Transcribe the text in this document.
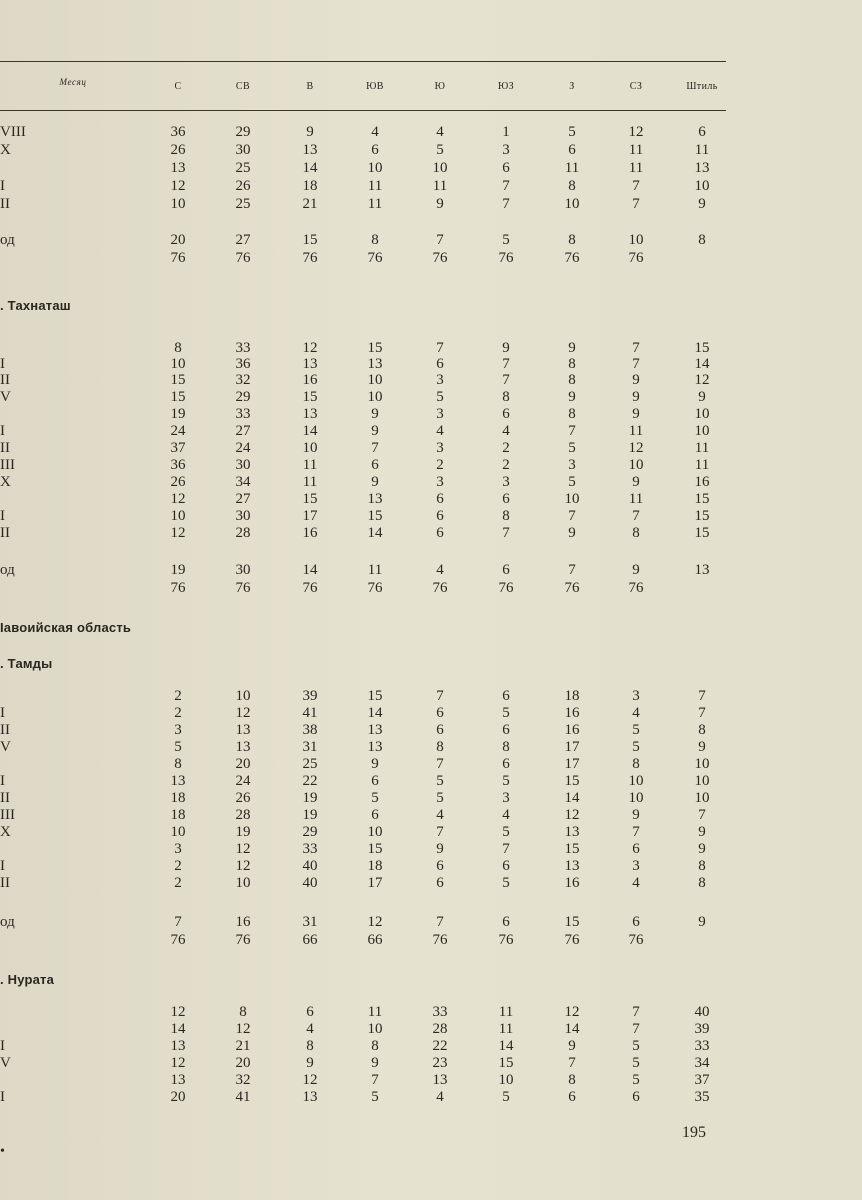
Месяц	С	СВ	В	ЮВ	Ю	ЮЗ	З	СЗ	Штиль
VIII	36	29	9	4	4	1	5	12	6
X	26	30	13	6	5	3	6	11	11
13	25	14	10	10	6	11	11	13
I	12	26	18	11	11	7	8	7	10
II	10	25	21	11	9	7	10	7	9
од	20	27	15	8	7	5	8	10	8
76	76	76	76	76	76	76	76
. Тахнаташ
8	33	12	15	7	9	9	7	15
I	10	36	13	13	6	7	8	7	14
II	15	32	16	10	3	7	8	9	12
V	15	29	15	10	5	8	9	9	9
19	33	13	9	3	6	8	9	10
I	24	27	14	9	4	4	7	11	10
II	37	24	10	7	3	2	5	12	11
III	36	30	11	6	2	2	3	10	11
X	26	34	11	9	3	3	5	9	16
12	27	15	13	6	6	10	11	15
I	10	30	17	15	6	8	7	7	15
II	12	28	16	14	6	7	9	8	15
од	19	30	14	11	4	6	7	9	13
76	76	76	76	76	76	76	76
Іавоийская область
. Тамды
2	10	39	15	7	6	18	3	7
I	2	12	41	14	6	5	16	4	7
II	3	13	38	13	6	6	16	5	8
V	5	13	31	13	8	8	17	5	9
8	20	25	9	7	6	17	8	10
I	13	24	22	6	5	5	15	10	10
II	18	26	19	5	5	3	14	10	10
III	18	28	19	6	4	4	12	9	7
X	10	19	29	10	7	5	13	7	9
3	12	33	15	9	7	15	6	9
I	2	12	40	18	6	6	13	3	8
II	2	10	40	17	6	5	16	4	8
од	7	16	31	12	7	6	15	6	9
76	76	66	66	76	76	76	76
. Нурата
12	8	6	11	33	11	12	7	40
14	12	4	10	28	11	14	7	39
I	13	21	8	8	22	14	9	5	33
V	12	20	9	9	23	15	7	5	34
13	32	12	7	13	10	8	5	37
I	20	41	13	5	4	5	6	6	35
195
•
